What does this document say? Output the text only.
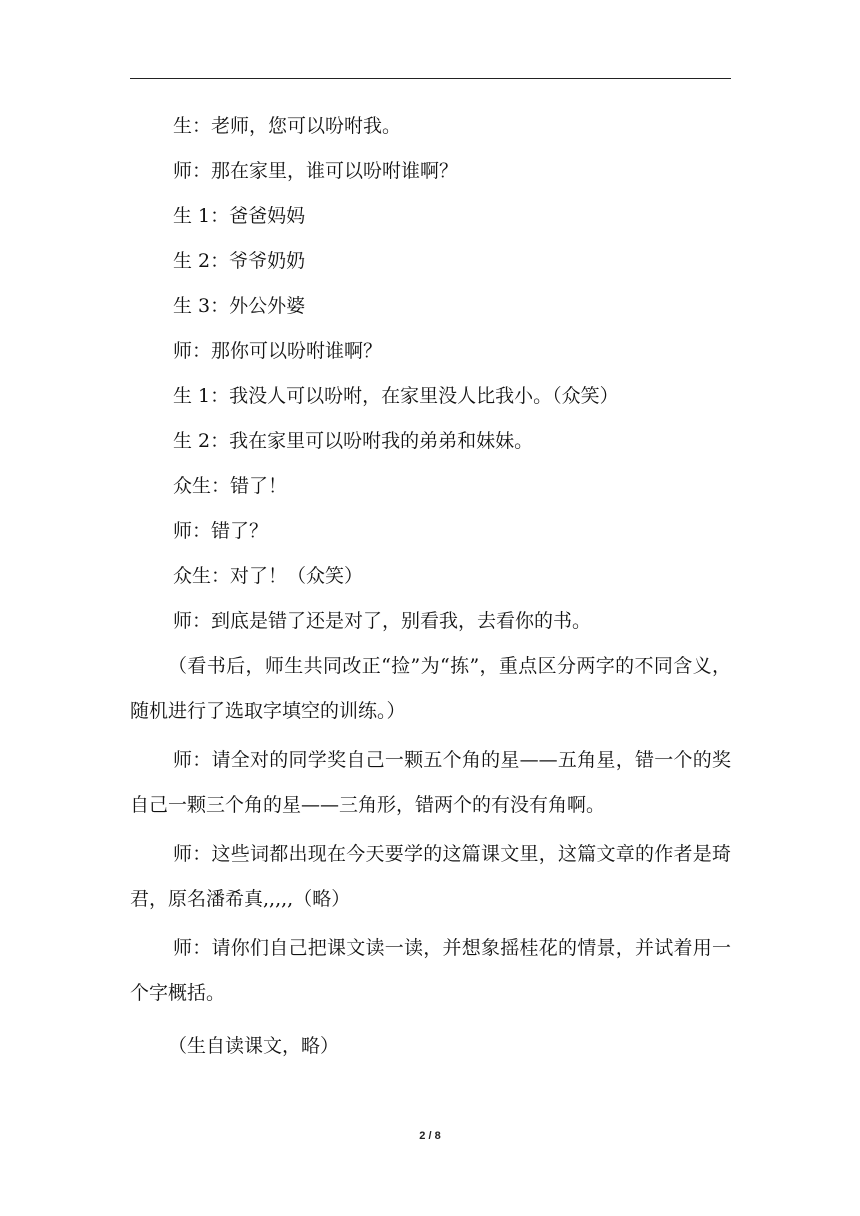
生：老师，您可以吩咐我。

师：那在家里，谁可以吩咐谁啊？

生 1：爸爸妈妈

生 2：爷爷奶奶

生 3：外公外婆

师：那你可以吩咐谁啊？

生 1：我没人可以吩咐，在家里没人比我小。（众笑）

生 2：我在家里可以吩咐我的弟弟和妹妹。

众生：错了！

师：错了？

众生：对了！（众笑）

师：到底是错了还是对了，别看我，去看你的书。

（看书后，师生共同改正“捡”为“拣”，重点区分两字的不同含义，随机进行了选取字填空的训练。）

师：请全对的同学奖自己一颗五个角的星——五角星，错一个的奖自己一颗三个角的星——三角形，错两个的有没有角啊。

师：这些词都出现在今天要学的这篇课文里，这篇文章的作者是琦君，原名潘希真,,,,,（略）

师：请你们自己把课文读一读，并想象摇桂花的情景，并试着用一个字概括。

（生自读课文，略）

2 / 8
